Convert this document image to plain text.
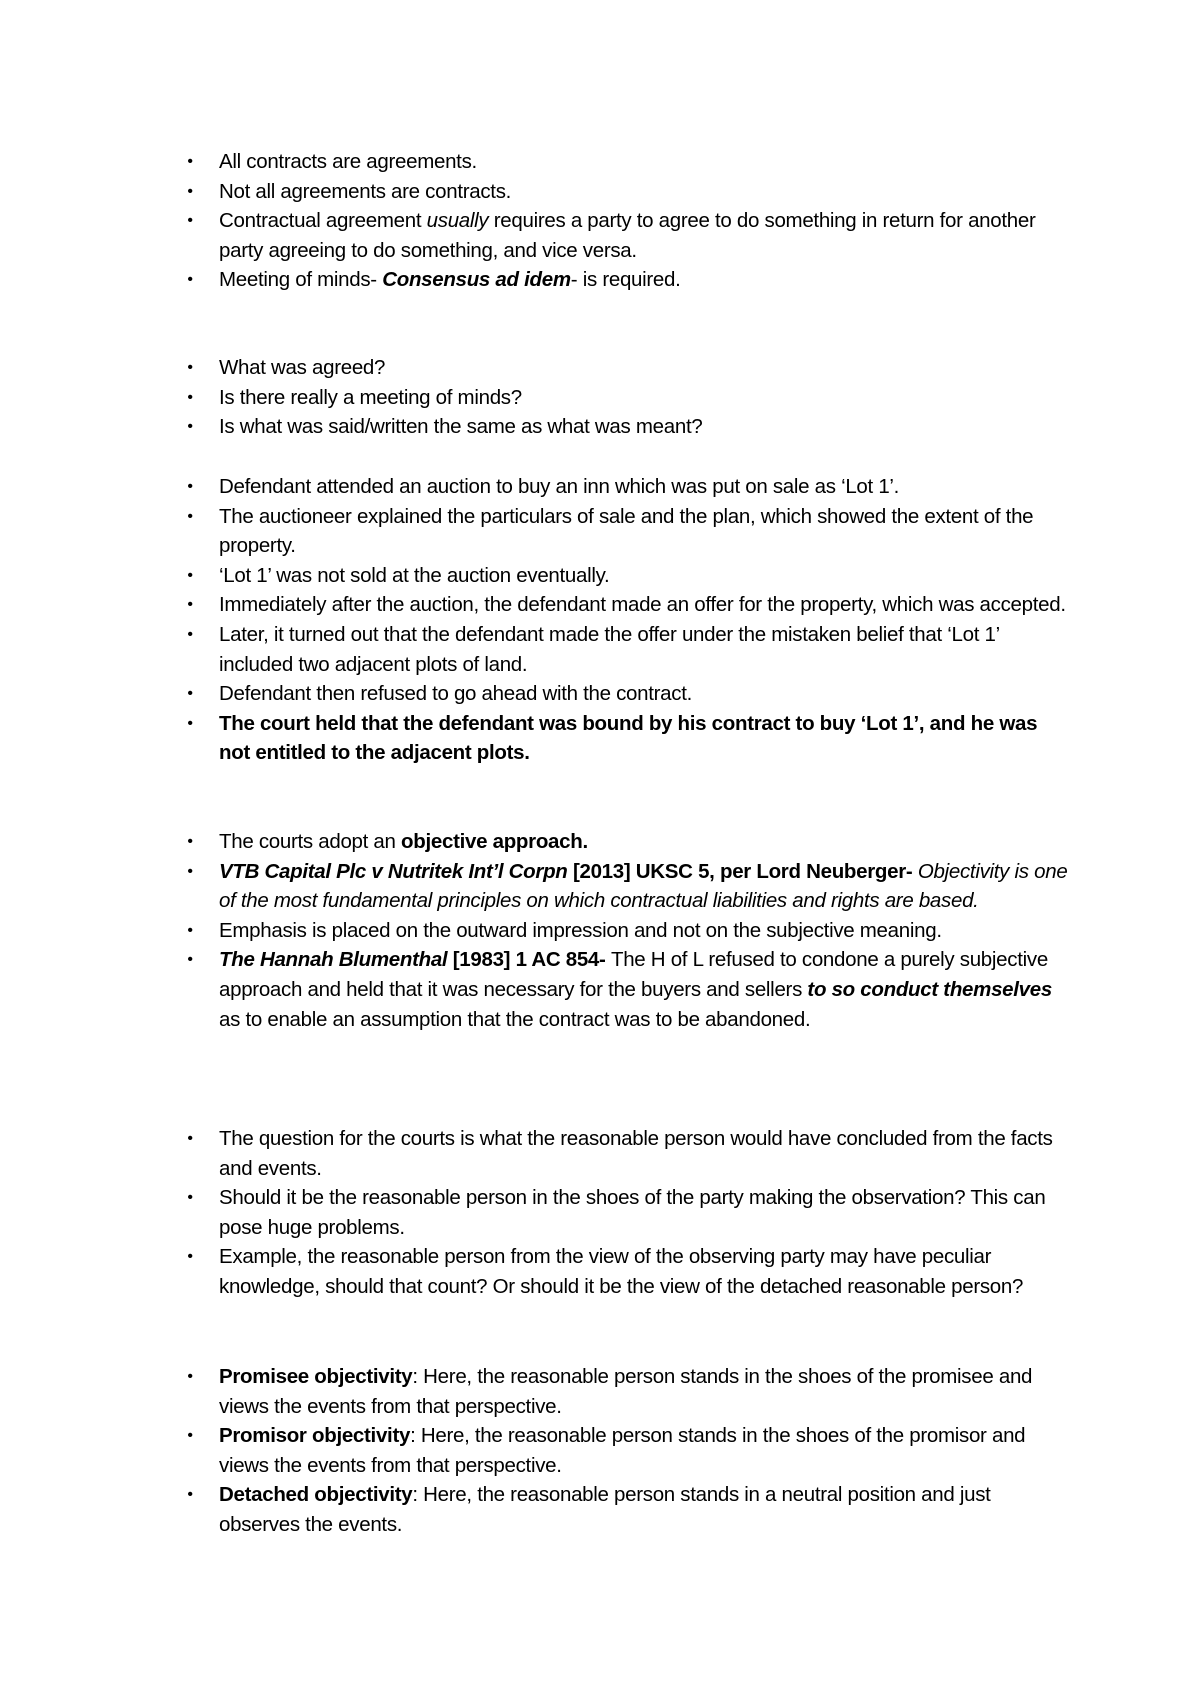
• All contracts are agreements.
• Not all agreements are contracts.
• Contractual agreement usually requires a party to agree to do something in return for another party agreeing to do something, and vice versa.
• Meeting of minds- Consensus ad idem- is required.
• What was agreed?
• Is there really a meeting of minds?
• Is what was said/written the same as what was meant?
• Defendant attended an auction to buy an inn which was put on sale as ‘Lot 1’.
• The auctioneer explained the particulars of sale and the plan, which showed the extent of the property.
• ‘Lot 1’ was not sold at the auction eventually.
• Immediately after the auction, the defendant made an offer for the property, which was accepted.
• Later, it turned out that the defendant made the offer under the mistaken belief that ‘Lot 1’ included two adjacent plots of land.
• Defendant then refused to go ahead with the contract.
• The court held that the defendant was bound by his contract to buy ‘Lot 1’, and he was not entitled to the adjacent plots.
• The courts adopt an objective approach.
• VTB Capital Plc v Nutritek Int’l Corpn [2013] UKSC 5, per Lord Neuberger- Objectivity is one of the most fundamental principles on which contractual liabilities and rights are based.
• Emphasis is placed on the outward impression and not on the subjective meaning.
• The Hannah Blumenthal [1983] 1 AC 854- The H of L refused to condone a purely subjective approach and held that it was necessary for the buyers and sellers to so conduct themselves as to enable an assumption that the contract was to be abandoned.
• The question for the courts is what the reasonable person would have concluded from the facts and events.
• Should it be the reasonable person in the shoes of the party making the observation? This can pose huge problems.
• Example, the reasonable person from the view of the observing party may have peculiar knowledge, should that count? Or should it be the view of the detached reasonable person?
• Promisee objectivity: Here, the reasonable person stands in the shoes of the promisee and views the events from that perspective.
• Promisor objectivity: Here, the reasonable person stands in the shoes of the promisor and views the events from that perspective.
• Detached objectivity: Here, the reasonable person stands in a neutral position and just observes the events.
